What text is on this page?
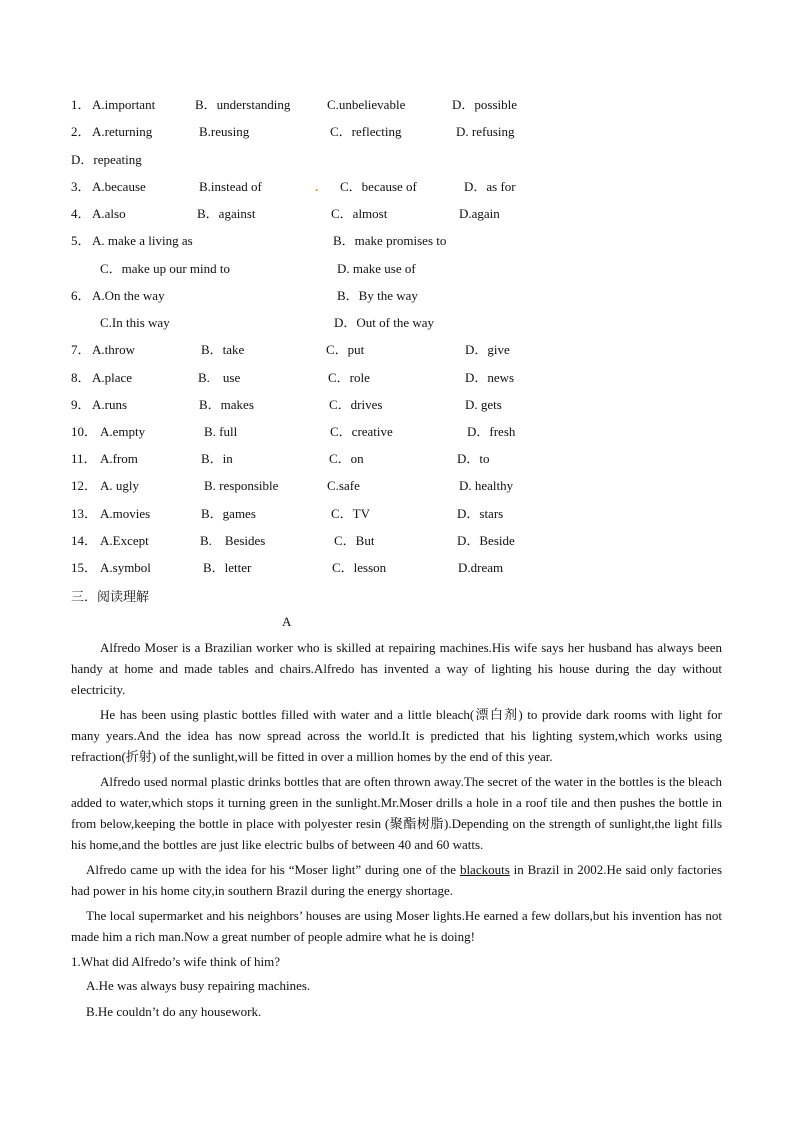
1． A.important	B．understanding	C.unbelievable	D．possible
2． A.returning	B.reusing	C．reflecting	D. refusing
D．repeating
3． A.because	B.instead of	. C．because of	D．as for
4． A.also	B．against	C．almost	D.again
5． A. make a living as	B．make promises to
C．make up our mind to	D. make use of
6． A.On the way	B．By the way
C.In this way	D．Out of the way
7． A.throw	B．take	C．put	D．give
8． A.place	B.　use	C．role	D．news
9． A.runs	B．makes	C．drives	D. gets
10． A.empty	B. full	C．creative	D．fresh
11． A.from	B．in	C．on	D．to
12． A. ugly	B. responsible	C.safe	D. healthy
13． A.movies	B．games	C．TV	D．stars
14． A.Except	B.　Besides	C．But	D．Beside
15． A.symbol	B．letter	C．lesson	D.dream
三．阅读理解
A

Alfredo Moser is a Brazilian worker who is skilled at repairing machines.His wife says her husband has always been handy at home and made tables and chairs.Alfredo has invented a way of lighting his house during the day without electricity.

He has been using plastic bottles filled with water and a little bleach(漂白剂) to provide dark rooms with light for many years.And the idea has now spread across the world.It is predicted that his lighting system,which works using refraction(折射) of the sunlight,will be fitted in over a million homes by the end of this year.

Alfredo used normal plastic drinks bottles that are often thrown away.The secret of the water in the bottles is the bleach added to water,which stops it turning green in the sunlight.Mr.Moser drills a hole in a roof tile and then pushes the bottle in from below,keeping the bottle in place with polyester resin (聚酯树脂).Depending on the strength of sunlight,the light fills his home,and the bottles are just like electric bulbs of between 40 and 60 watts.

Alfredo came up with the idea for his “Moser light” during one of the blackouts in Brazil in 2002.He said only factories had power in his home city,in southern Brazil during the energy shortage.

The local supermarket and his neighbors’ houses are using Moser lights.He earned a few dollars,but his invention has not made him a rich man.Now a great number of people admire what he is doing!

1.What did Alfredo’s wife think of him?
A.He was always busy repairing machines.
B.He couldn’t do any housework.
